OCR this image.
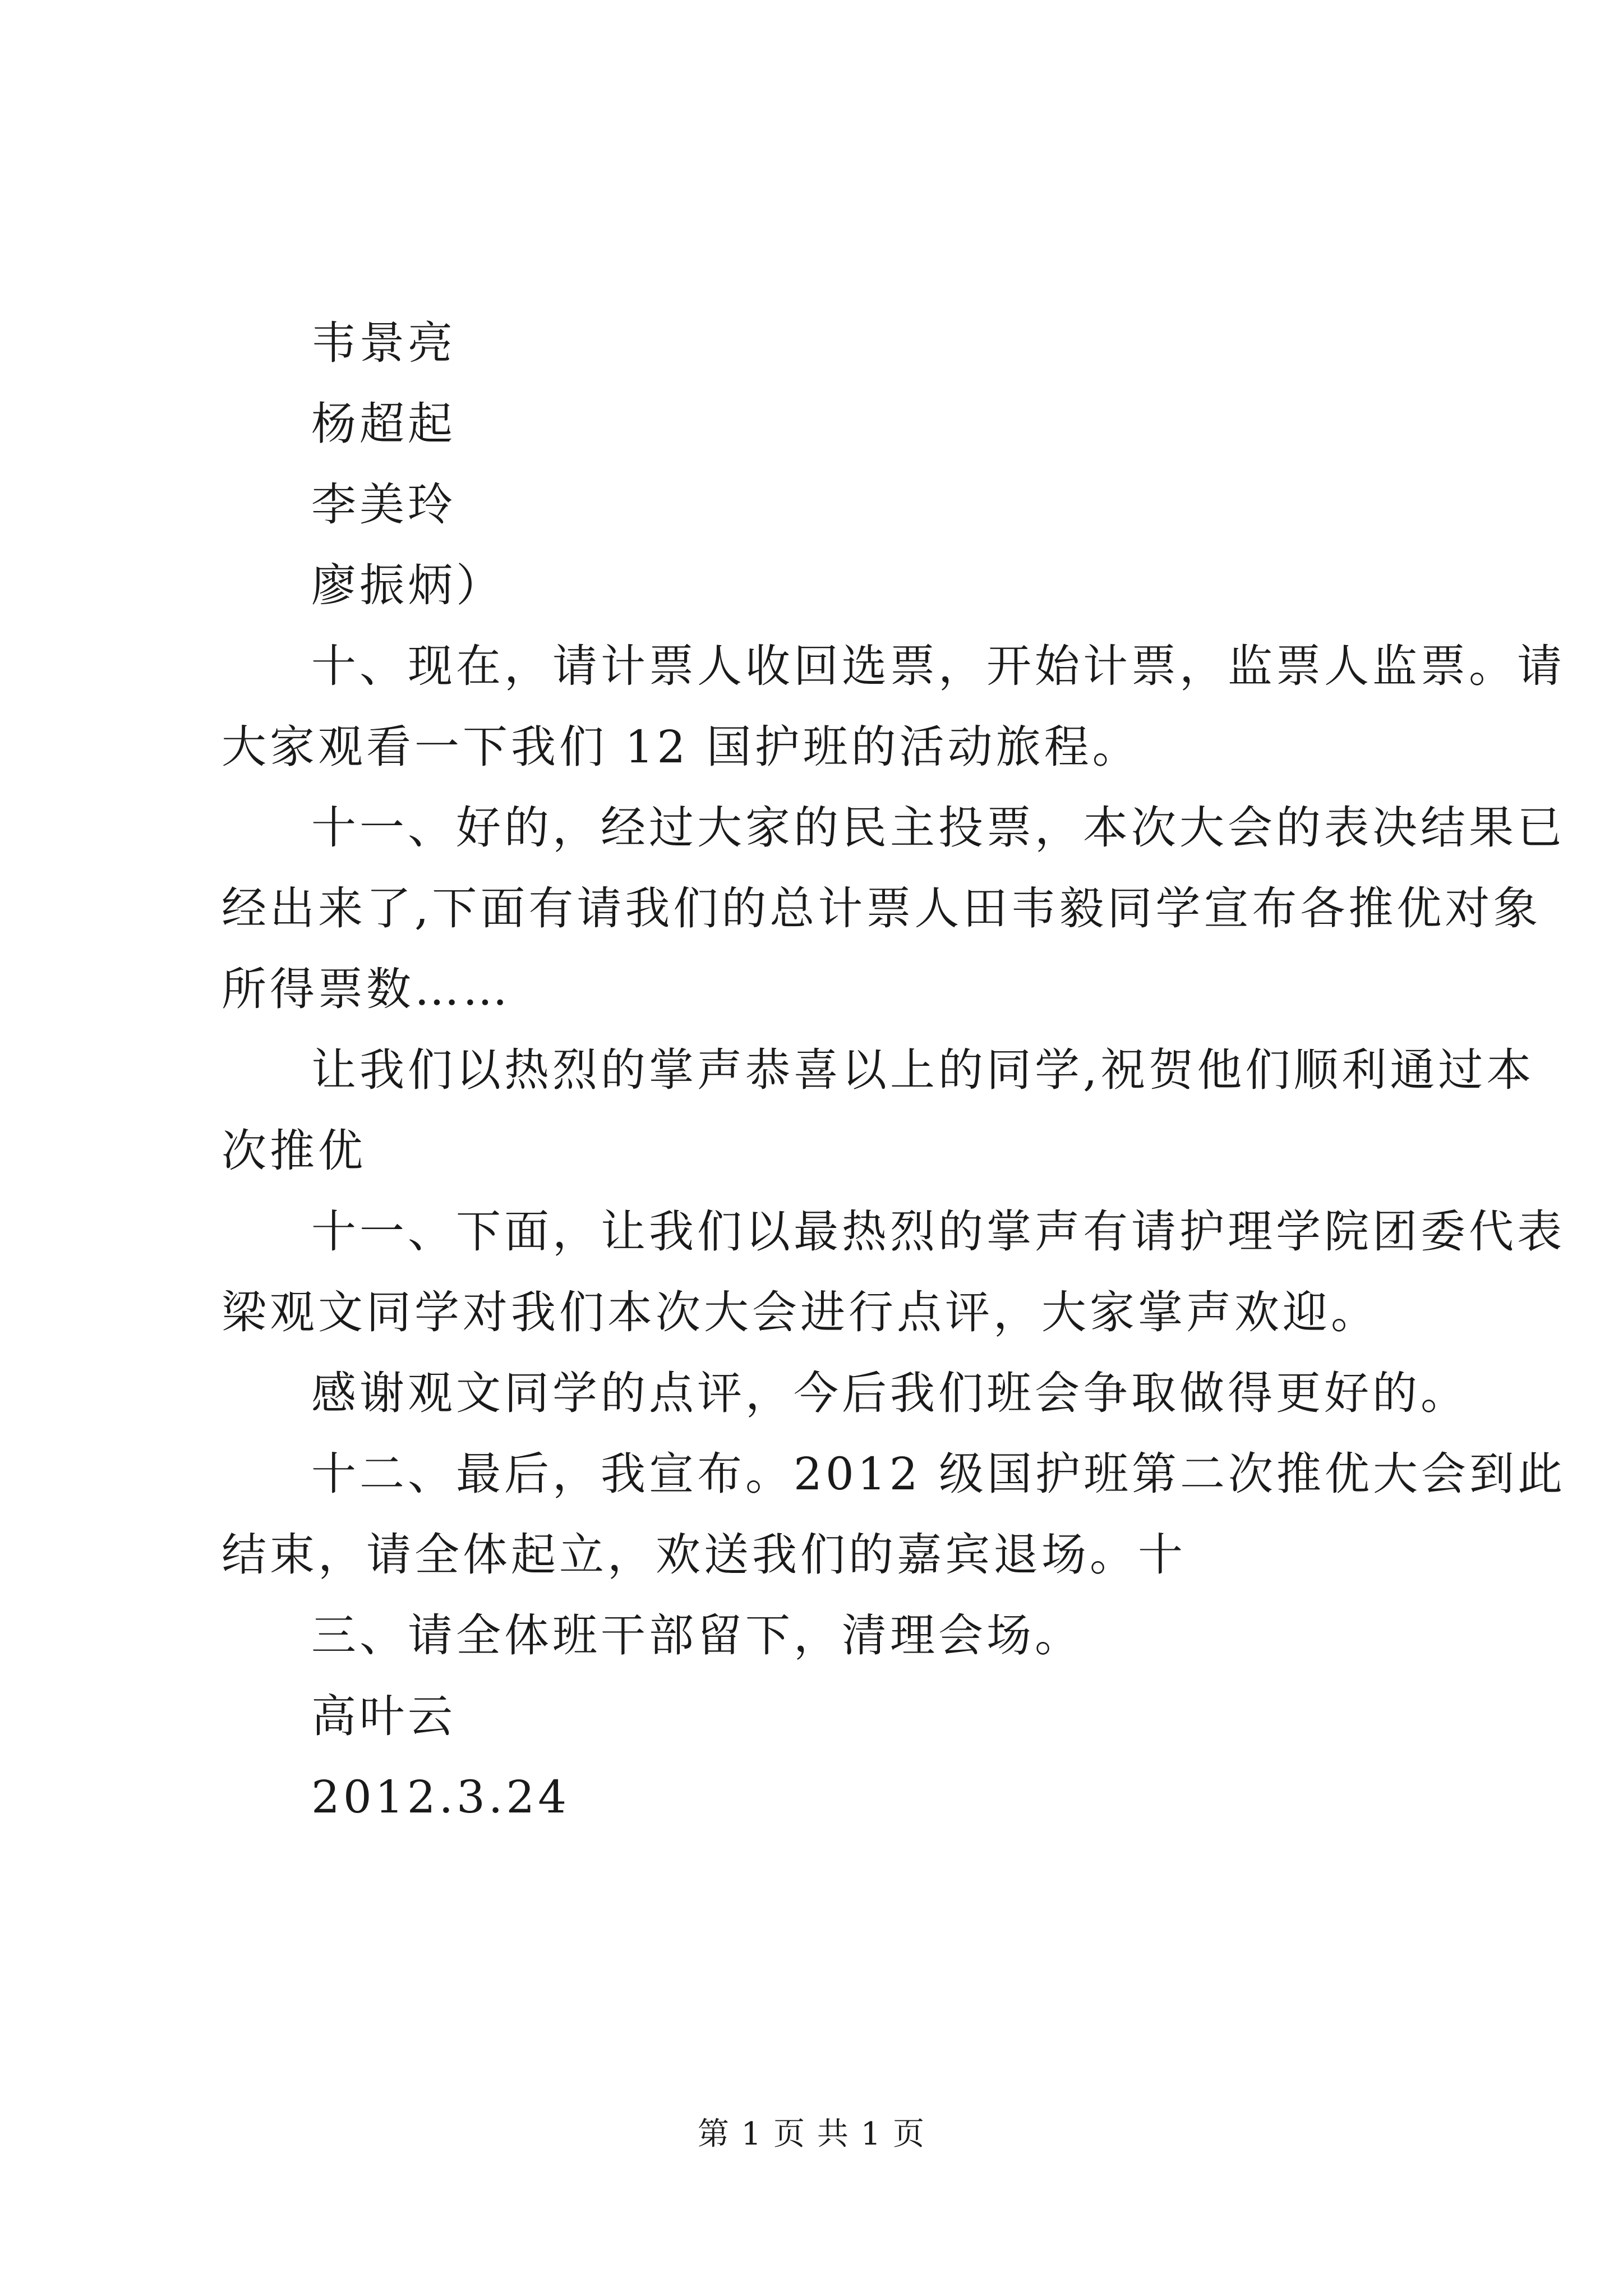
韦景亮
杨超起
李美玲
廖振炳）
十、现在，请计票人收回选票，开始计票，监票人监票。请
大家观看一下我们 12 国护班的活动旅程。
十一、好的，经过大家的民主投票，本次大会的表决结果已
经出来了,下面有请我们的总计票人田韦毅同学宣布各推优对象
所得票数……
让我们以热烈的掌声恭喜以上的同学,祝贺他们顺利通过本
次推优
十一、下面，让我们以最热烈的掌声有请护理学院团委代表
梁观文同学对我们本次大会进行点评，大家掌声欢迎。
感谢观文同学的点评，今后我们班会争取做得更好的。
十二、最后，我宣布。2012 级国护班第二次推优大会到此
结束，请全体起立，欢送我们的嘉宾退场。十
三、请全体班干部留下，清理会场。
高叶云
2012.3.24
第 1 页 共 1 页
